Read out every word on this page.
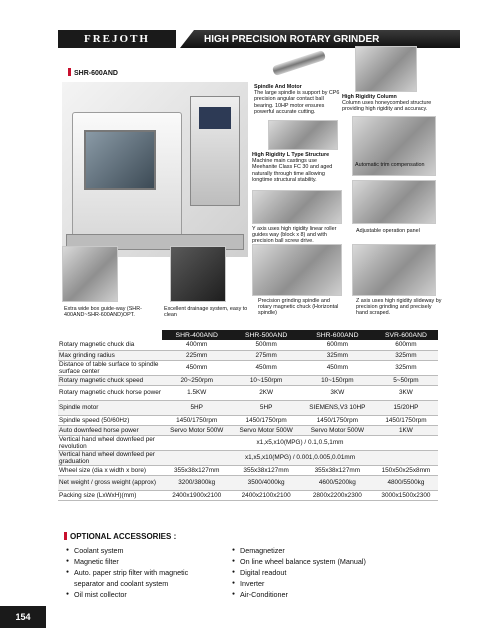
FREJOTH	HIGH PRECISION ROTARY GRINDER
SHR-600AND
Spindle And Motor
The large spindle is support by CP6 precision angular contact ball bearing. 10HP motor ensures powerful accurate cutting.
High Rigidity Column
Column uses honeycombed structure providing high rigidity and accuracy.
High Rigidity L Type Structure
Machine main castings use Meehanite Class FC 30 and aged naturally through time allowing longtime structural stability.
Automatic trim compensation
Y axis uses high rigidity linear roller guides way (block x 8) and with precision ball screw drive.
Adjustable operation panel
Extra wide box guide-way (SHR-400AND~SHR-600AND)OPT.
Excellent drainage system, easy to clean
Precision grinding spindle and rotary magnetic chuck (Horizontal spindle)
Z axis uses high rigidity slideway by precision grinding and precisely hand scraped.
	SHR-400AND	SHR-500AND	SHR-600AND	SVR-600AND
Rotary magnetic chuck dia	400mm	500mm	600mm	600mm
Max grinding radius	225mm	275mm	325mm	325mm
Distance of table surface to spindle surface center	450mm	450mm	450mm	325mm
Rotary magnetic chuck speed	20~250rpm	10~150rpm	10~150rpm	5~50rpm
Rotary magnetic chuck horse power	1.5KW	2KW	3KW	3KW
Spindle motor	5HP	5HP	SIEMENS,V3 10HP	15/20HP
Spindle speed (50/60Hz)	1450/1750rpm	1450/1750rpm	1450/1750rpm	1450/1750rpm
Auto downfeed horse power	Servo Motor 500W	Servo Motor 500W	Servo Motor 500W	1KW
Vertical hand wheel downfeed per revolution	x1,x5,x10(MPG) / 0.1,0.5,1mm			
Vertical hand wheel downfeed per graduation	x1,x5,x10(MPG) / 0.001,0.005,0.01mm			
Wheel size (dia x width x bore)	355x38x127mm	355x38x127mm	355x38x127mm	150x50x25x8mm
Net weight / gross weight (approx)	3200/3800kg	3500/4000kg	4600/5200kg	4800/5500kg
Packing size (LxWxH)(mm)	2400x1900x2100	2400x2100x2100	2800x2200x2300	3000x1500x2300
OPTIONAL ACCESSORIES :
● Coolant system
● Magnetic filter
● Auto. paper strip filter with magnetic
separator and coolant system
● Oil mist collector
● Demagnetizer
● On line wheel balance system (Manual)
● Digital readout
● Inverter
● Air-Conditioner
154
